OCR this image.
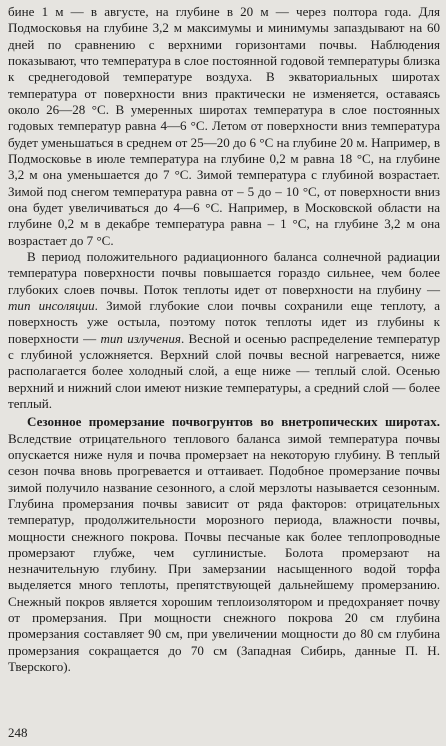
бине 1 м — в августе, на глубине в 20 м — через полтора года. Для Подмосковья на глубине 3,2 м максимумы и минимумы запаздывают на 60 дней по сравнению с верхними горизонтами почвы. Наблюдения показывают, что температура в слое постоянной годовой температуры близка к среднегодовой температуре воздуха. В экваториальных широтах температура от поверхности вниз практически не изменяется, оставаясь около 26—28 °С. В умеренных широтах температура в слое постоянных годовых температур равна 4—6 °С. Летом от поверхности вниз температура будет уменьшаться в среднем от 25—20 до 6 °С на глубине 20 м. Например, в Подмосковье в июле температура на глубине 0,2 м равна 18 °С, на глубине 3,2 м она уменьшается до 7 °С. Зимой температура с глубиной возрастает. Зимой под снегом температура равна от – 5 до – 10 °С, от поверхности вниз она будет увеличиваться до 4—6 °С. Например, в Московской области на глубине 0,2 м в декабре температура равна – 1 °С, на глубине 3,2 м она возрастает до 7 °С.

В период положительного радиационного баланса солнечной радиации температура поверхности почвы повышается гораздо сильнее, чем более глубоких слоев почвы. Поток теплоты идет от поверхности на глубину — тип инсоляции. Зимой глубокие слои почвы сохранили еще теплоту, а поверхность уже остыла, поэтому поток теплоты идет из глубины к поверхности — тип излучения. Весной и осенью распределение температур с глубиной усложняется. Верхний слой почвы весной нагревается, ниже располагается более холодный слой, а еще ниже — теплый слой. Осенью верхний и нижний слои имеют низкие температуры, а средний слой — более теплый.

Сезонное промерзание почвогрунтов во внетропических широтах. Вследствие отрицательного теплового баланса зимой температура почвы опускается ниже нуля и почва промерзает на некоторую глубину. В теплый сезон почва вновь прогревается и оттаивает. Подобное промерзание почвы зимой получило название сезонного, а слой мерзлоты называется сезонным. Глубина промерзания почвы зависит от ряда факторов: отрицательных температур, продолжительности морозного периода, влажности почвы, мощности снежного покрова. Почвы песчаные как более теплопроводные промерзают глубже, чем суглинистые. Болота промерзают на незначительную глубину. При замерзании насыщенного водой торфа выделяется много теплоты, препятствующей дальнейшему промерзанию. Снежный покров является хорошим теплоизолятором и предохраняет почву от промерзания. При мощности снежного покрова 20 см глубина промерзания составляет 90 см, при увеличении мощности до 80 см глубина промерзания сокращается до 70 см (Западная Сибирь, данные П. Н. Тверского).

248
